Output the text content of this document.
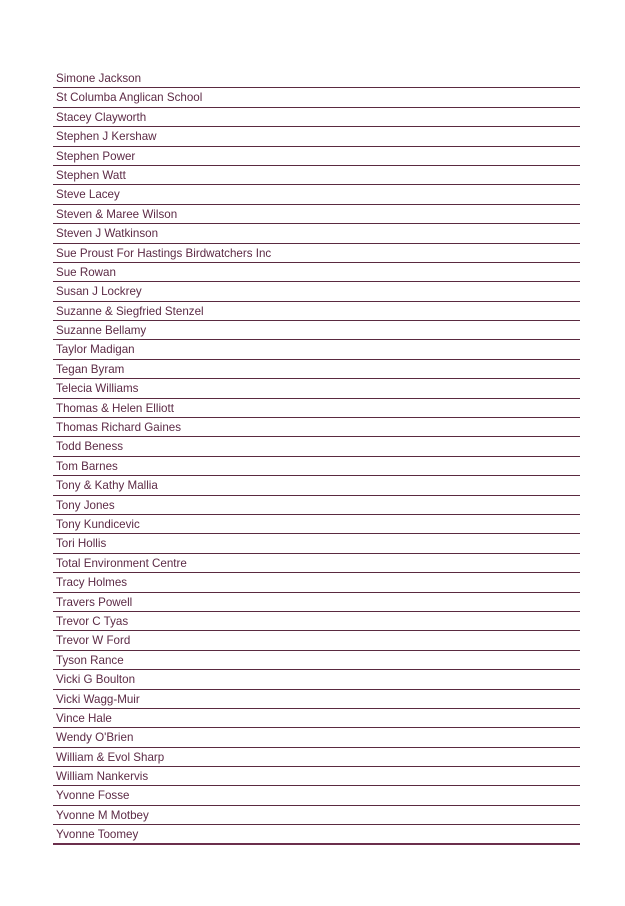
Simone Jackson
St Columba Anglican School
Stacey Clayworth
Stephen J Kershaw
Stephen Power
Stephen Watt
Steve Lacey
Steven & Maree Wilson
Steven J Watkinson
Sue Proust For Hastings Birdwatchers Inc
Sue Rowan
Susan J Lockrey
Suzanne & Siegfried Stenzel
Suzanne Bellamy
Taylor Madigan
Tegan Byram
Telecia Williams
Thomas & Helen Elliott
Thomas Richard Gaines
Todd Beness
Tom Barnes
Tony & Kathy Mallia
Tony Jones
Tony Kundicevic
Tori Hollis
Total Environment Centre
Tracy Holmes
Travers Powell
Trevor C Tyas
Trevor W Ford
Tyson Rance
Vicki G Boulton
Vicki Wagg-Muir
Vince Hale
Wendy O'Brien
William & Evol Sharp
William Nankervis
Yvonne Fosse
Yvonne M Motbey
Yvonne Toomey
